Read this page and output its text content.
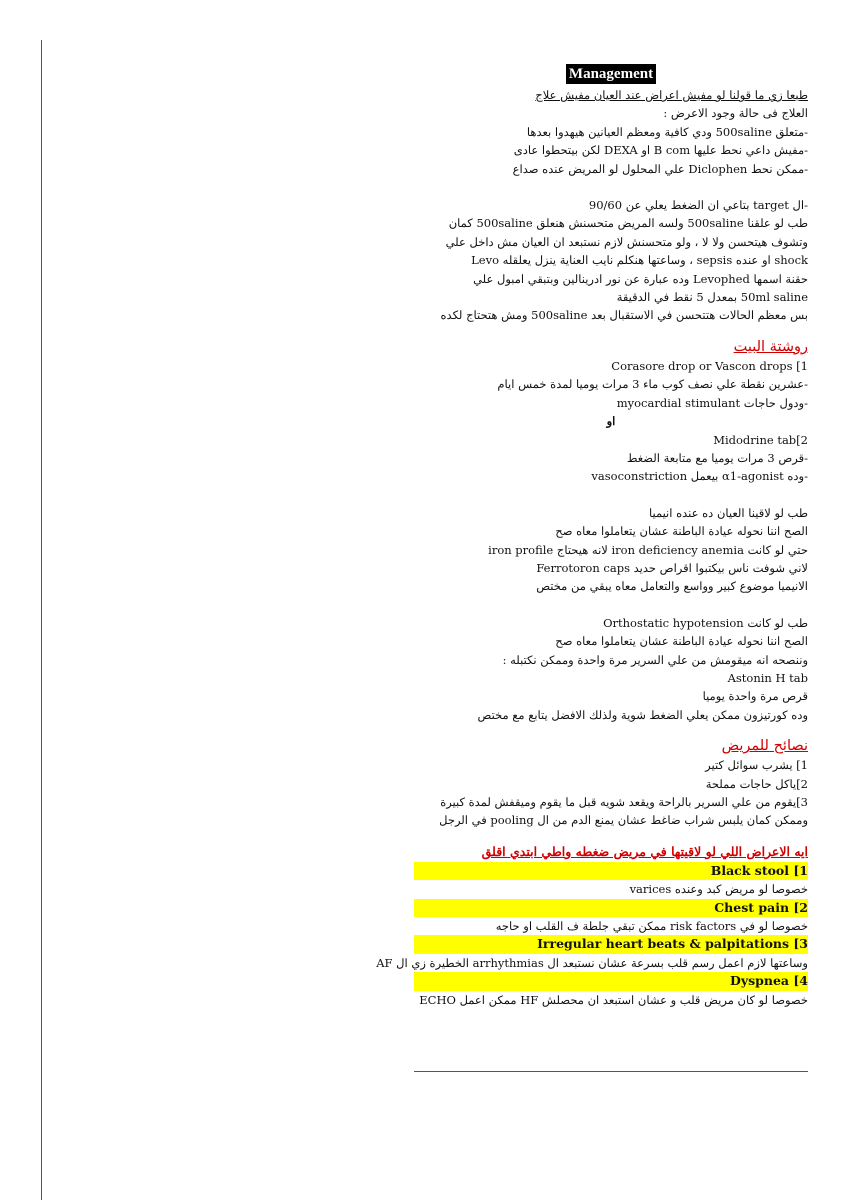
Management
طبعا زي ما قولنا لو مفيش اعراض عند العيان مفيش علاج
العلاج فى حالة وجود الاعرض :
-متعلق 500saline ودي كافية ومعظم العيانين هيهدوا بعدها
-مفيش داعي نحط عليها B com او DEXA لكن بيتحطوا عادى
-ممكن نحط Diclophen علي المحلول لو المريض عنده صداع
-ال target بتاعي ان الضغط يعلي عن 90/60
طب لو علقنا 500saline ولسه المريض متحسنش هنعلق 500saline كمان
وتشوف هيتحسن ولا لا ، ولو متحسنش لازم نستبعد ان العيان مش داخل علي
shock او عنده sepsis ، وساعتها هنكلم نايب العناية ينزل يعلقله Levo
حقنة اسمها Levophed وده عبارة عن نور ادرينالين وبتبقي امبول علي
50ml saline بمعدل 5 نقط في الدقيقة
بس معظم الحالات هتتحسن في الاستقبال بعد 500saline ومش هتحتاج لكده
روشتة البيت
1] Corasore drop or Vascon drops
-عشرين نقطة علي نصف كوب ماء 3 مرات يوميا لمدة خمس ايام
-ودول حاجات myocardial stimulant
او
2]Midodrine tab
-قرص 3 مرات يوميا مع متابعة الضغط
-وده α1-agonist بيعمل vasoconstriction
طب لو لاقينا العيان ده عنده انيميا
الصح اننا نحوله عيادة الباطنة عشان يتعاملوا معاه صح
حتي لو كانت iron deficiency anemia لانه هيحتاج iron profile
لاني شوفت ناس بيكتبوا اقراص حديد Ferrotoron caps
الانيميا موضوع كبير وواسع والتعامل معاه يبقي من مختص
طب لو كانت Orthostatic hypotension
الصح اننا نحوله عيادة الباطنة عشان يتعاملوا معاه صح
وننصحه انه ميقومش من علي السرير مرة واحدة وممكن نكتبله :
Astonin H tab
قرص مرة واحدة يوميا
وده كورتيزون ممكن يعلي الضغط شوية ولذلك الافضل يتابع مع مختص
نصائح للمريض
1] يشرب سوائل كتير
2]ياكل حاجات مملحة
3]يقوم من علي السرير بالراحة ويقعد شويه قبل ما يقوم وميقفش لمدة كبيرة
وممكن كمان يلبس شراب ضاغط عشان يمنع الدم من ال pooling في الرجل
ايه الاعراض اللي لو لاقيتها في مريض ضغطه واطي ابتدي اقلق
Black stool [1
خصوصا لو مريض كبد وعنده varices
Chest pain [2
خصوصا لو في risk factors ممكن تبقي جلطة ف القلب او حاجه
Irregular heart beats & palpitations [3
وساعتها لازم اعمل رسم قلب بسرعة عشان نستبعد ال arrhythmias الخطيرة زي ال AF
Dyspnea [4
خصوصا لو كان مريض قلب و عشان استبعد ان محصلش HF ممكن اعمل ECHO
